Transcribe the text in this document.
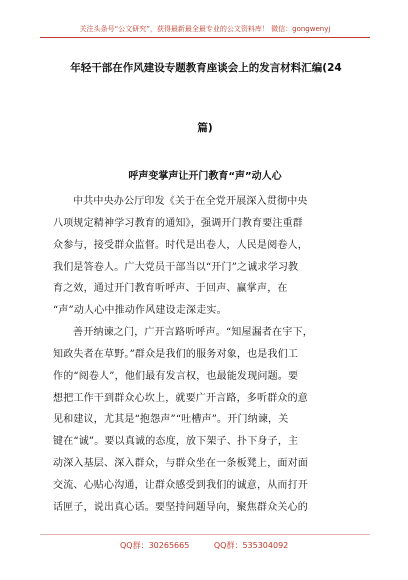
关注头条号“公文研究”，获得最新最全最专业的公文资料库！ 微信：gongwenyj
年轻干部在作风建设专题教育座谈会上的发言材料汇编(24
篇)
呼声变掌声让开门教育“声”动人心
中共中央办公厅印发《关于在全党开展深入贯彻中央
八项规定精神学习教育的通知》，强调开门教育要注重群
众参与，接受群众监督。时代是出卷人，人民是阅卷人，
我们是答卷人。广大党员干部当以“开门”之诚求学习教
育之效，通过开门教育听呼声、于回声、赢掌声，在
“声”动人心中推动作风建设走深走实。
善开纳谏之门，广开言路听呼声。“知屋漏者在宇下，
知政失者在草野。”群众是我们的服务对象，也是我们工
作的“阅卷人”，他们最有发言权，也最能发现问题。要
想把工作干到群众心坎上，就要广开言路，多听群众的意
见和建议，尤其是“抱怨声”“吐槽声”。开门纳谏，关
键在“诚”。要以真诚的态度，放下架子、扑下身子，主
动深入基层、深入群众，与群众坐在一条板凳上，面对面
交流、心贴心沟通，让群众感受到我们的诚意，从而打开
话匣子，说出真心话。要坚持问题导向，聚焦群众关心的
QQ群：30265665	QQ群：535304092
